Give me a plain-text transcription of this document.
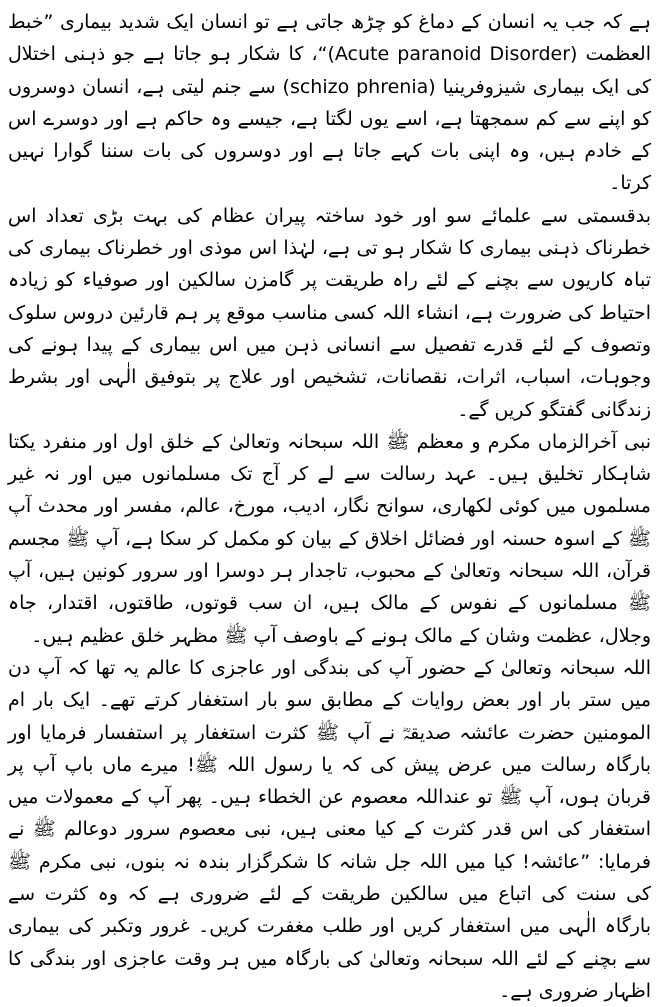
ہے کہ جب یہ انسان کے دماغ کو چڑھ جاتی ہے تو انسان ایک شدید بیماری ”خبط العظمت (Acute paranoid Disorder)“، کا شکار ہو جاتا ہے جو ذہنی اختلال کی ایک بیماری شیزوفرینیا (schizo phrenia) سے جنم لیتی ہے، انسان دوسروں کو اپنے سے کم سمجھتا ہے، اسے یوں لگتا ہے، جیسے وہ حاکم ہے اور دوسرے اس کے خادم ہیں، وہ اپنی بات کہے جاتا ہے اور دوسروں کی بات سننا گوارا نہیں کرتا۔

بدقسمتی سے علمائے سو اور خود ساختہ پیران عظام کی بہت بڑی تعداد اس خطرناک ذہنی بیماری کا شکار ہو تی ہے، لہٰذا اس موذی اور خطرناک بیماری کی تباہ کاریوں سے بچنے کے لئے راہ طریقت پر گامزن سالکین اور صوفیاء کو زیادہ احتیاط کی ضرورت ہے، انشاء اللہ کسی مناسب موقع پر ہم قارئین دروس سلوک وتصوف کے لئے قدرے تفصیل سے انسانی ذہن میں اس بیماری کے پیدا ہونے کی وجوہات، اسباب، اثرات، نقصانات، تشخیص اور علاج پر بتوفیق الٰہی اور بشرط زندگانی گفتگو کریں گے۔

نبی آخرالزماں مکرم و معظم ﷺ اللہ سبحانہ وتعالیٰ کے خلق اول اور منفرد یکتا شاہکار تخلیق ہیں۔ عہد رسالت سے لے کر آج تک مسلمانوں میں اور نہ غیر مسلموں میں کوئی لکھاری، سوانح نگار، ادیب، مورخ، عالم، مفسر اور محدث آپ ﷺ کے اسوہ حسنہ اور فضائل اخلاق کے بیان کو مکمل کر سکا ہے، آپ ﷺ مجسم قرآن، اللہ سبحانہ وتعالیٰ کے محبوب، تاجدار ہر دوسرا اور سرور کونین ہیں، آپ ﷺ مسلمانوں کے نفوس کے مالک ہیں، ان سب قوتوں، طاقتوں، اقتدار، جاہ وجلال، عظمت وشان کے مالک ہونے کے باوصف آپ ﷺ مظہر خلق عظیم ہیں۔

اللہ سبحانہ وتعالیٰ کے حضور آپ کی بندگی اور عاجزی کا عالم یہ تھا کہ آپ دن میں ستر بار اور بعض روایات کے مطابق سو بار استغفار کرتے تھے۔ ایک بار ام المومنین حضرت عائشہ صدیقہؓ نے آپ ﷺ کثرت استغفار پر استفسار فرمایا اور بارگاہ رسالت میں عرض پیش کی کہ یا رسول اللہ ﷺ! میرے ماں باپ آپ پر قربان ہوں، آپ ﷺ تو عنداللہ معصوم عن الخطاء ہیں۔ پھر آپ کے معمولات میں استغفار کی اس قدر کثرت کے کیا معنی ہیں، نبی معصوم سرور دوعالم ﷺ نے فرمایا: ”عائشہ! کیا میں اللہ جل شانہ کا شکرگزار بندہ نہ بنوں، نبی مکرم ﷺ کی سنت کی اتباع میں سالکین طریقت کے لئے ضروری ہے کہ وہ کثرت سے بارگاہ الٰہی میں استغفار کریں اور طلب مغفرت کریں۔ غرور وتکبر کی بیماری سے بچنے کے لئے اللہ سبحانہ وتعالیٰ کی بارگاہ میں ہر وقت عاجزی اور بندگی کا اظہار ضروری ہے۔
